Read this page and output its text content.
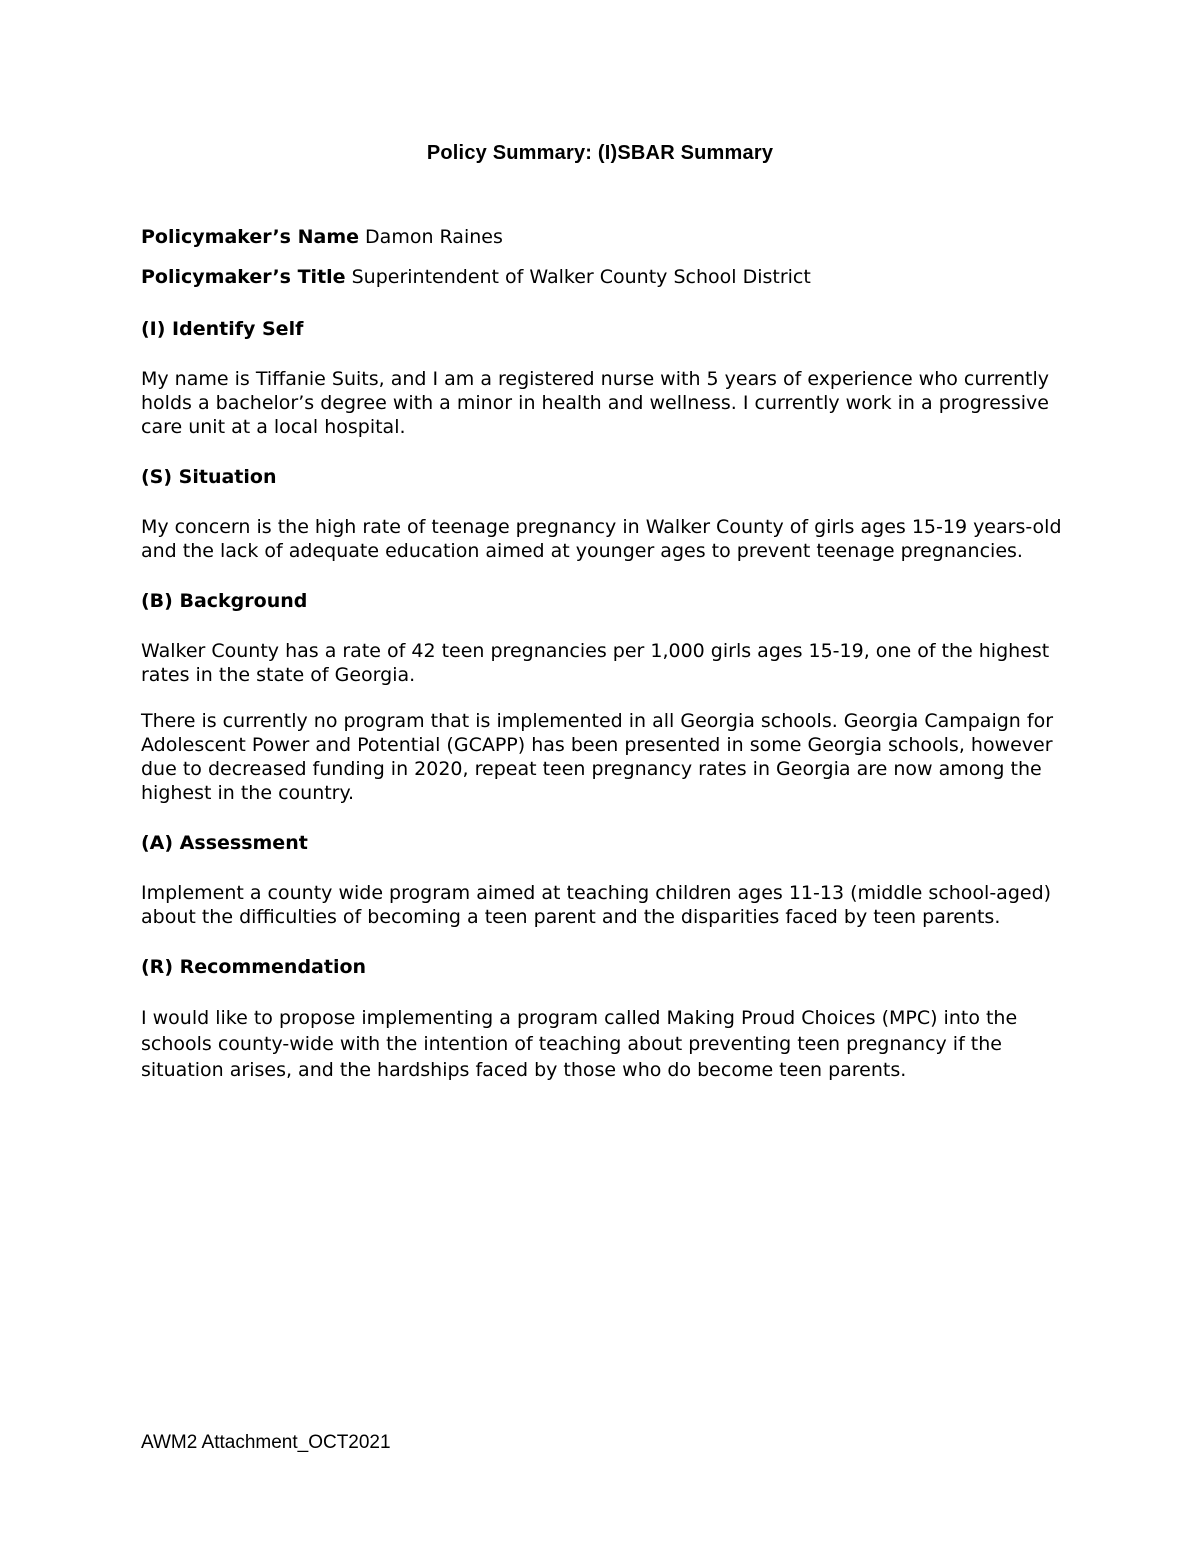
Policy Summary: (I)SBAR Summary
Policymaker’s Name Damon Raines
Policymaker’s Title Superintendent of Walker County School District
(I) Identify Self
My name is Tiffanie Suits, and I am a registered nurse with 5 years of experience who currently holds a bachelor’s degree with a minor in health and wellness. I currently work in a progressive care unit at a local hospital.
(S) Situation
My concern is the high rate of teenage pregnancy in Walker County of girls ages 15-19 years-old and the lack of adequate education aimed at younger ages to prevent teenage pregnancies.
(B) Background
Walker County has a rate of 42 teen pregnancies per 1,000 girls ages 15-19, one of the highest rates in the state of Georgia.
There is currently no program that is implemented in all Georgia schools. Georgia Campaign for Adolescent Power and Potential (GCAPP) has been presented in some Georgia schools, however due to decreased funding in 2020, repeat teen pregnancy rates in Georgia are now among the highest in the country.
(A) Assessment
Implement a county wide program aimed at teaching children ages 11-13 (middle school-aged) about the difficulties of becoming a teen parent and the disparities faced by teen parents.
(R) Recommendation
I would like to propose implementing a program called Making Proud Choices (MPC) into the schools county-wide with the intention of teaching about preventing teen pregnancy if the situation arises, and the hardships faced by those who do become teen parents.
AWM2 Attachment_OCT2021
